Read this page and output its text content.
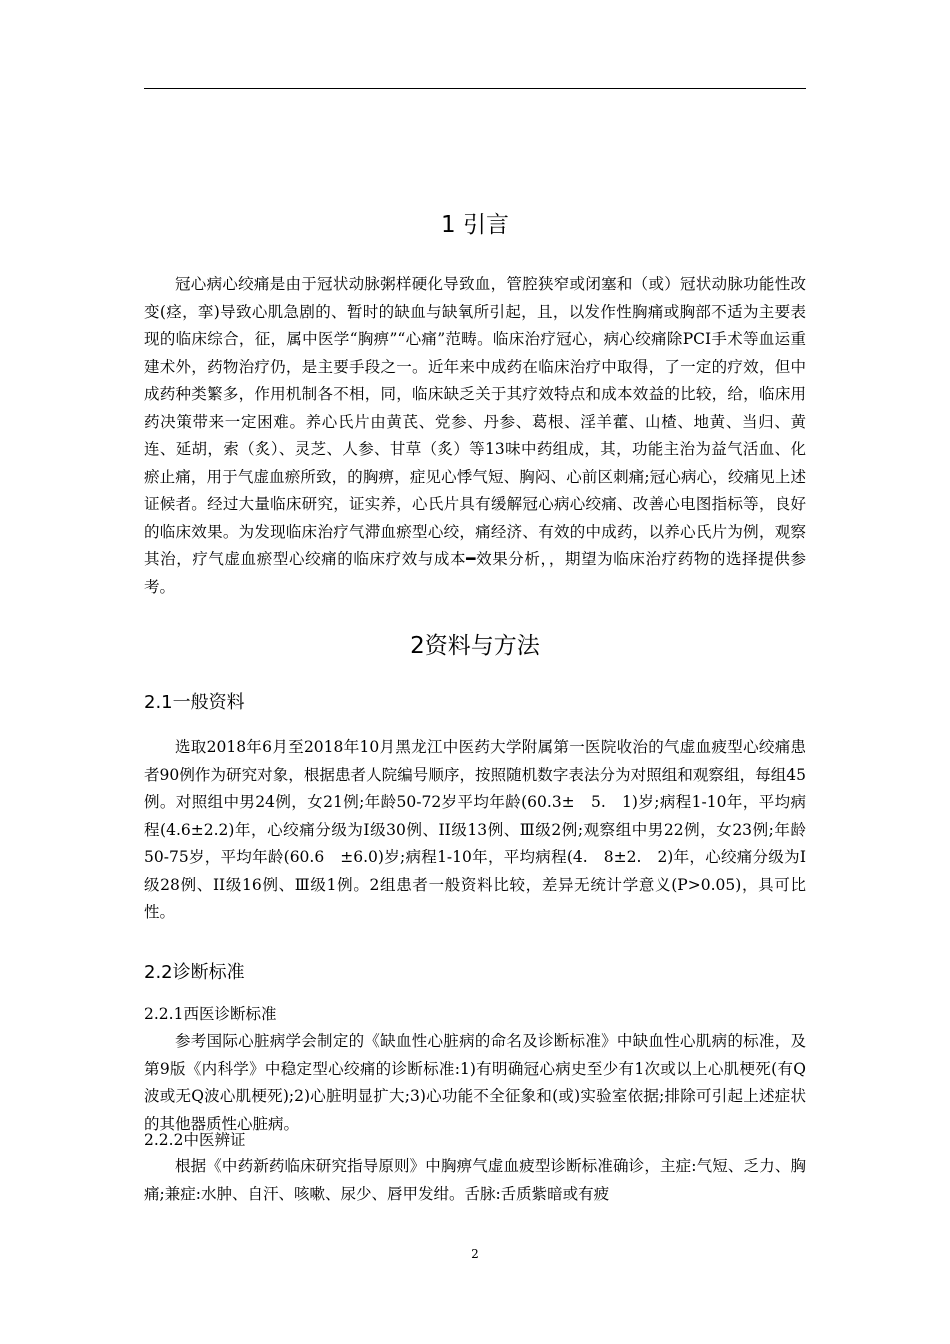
1 引言

冠心病心绞痛是由于冠状动脉粥样硬化导致血，管腔狭窄或闭塞和（或）冠状动脉功能性改变(痉，挛)导致心肌急剧的、暂时的缺血与缺氧所引起，且，以发作性胸痛或胸部不适为主要表现的临床综合，征，属中医学“胸痹”“心痛”范畴。临床治疗冠心，病心绞痛除PCI手术等血运重建术外，药物治疗仍，是主要手段之一。近年来中成药在临床治疗中取得，了一定的疗效，但中成药种类繁多，作用机制各不相，同，临床缺乏关于其疗效特点和成本效益的比较，给，临床用药决策带来一定困难。养心氏片由黄芪、党参、丹参、葛根、淫羊藿、山楂、地黄、当归、黄连、延胡，索（炙）、灵芝、人参、甘草（炙）等13味中药组成，其，功能主治为益气活血、化瘀止痛，用于气虚血瘀所致，的胸痹，症见心悸气短、胸闷、心前区刺痛;冠心病心，绞痛见上述证候者。经过大量临床研究，证实养，心氏片具有缓解冠心病心绞痛、改善心电图指标等，良好的临床效果。为发现临床治疗气滞血瘀型心绞，痛经济、有效的中成药，以养心氏片为例，观察其治，疗气虚血瘀型心绞痛的临床疗效与成本━效果分析，，期望为临床治疗药物的选择提供参考。

2资料与方法
2.1一般资料

选取2018年6月至2018年10月黑龙江中医药大学附属第一医院收治的气虚血疲型心绞痛患者90例作为研究对象，根据患者人院编号顺序，按照随机数字表法分为对照组和观察组，每组45例。对照组中男24例，女21例;年龄50-72岁平均年龄(60.3±　5.　1)岁;病程1-10年，平均病程(4.6±2.2)年，心绞痛分级为Ⅰ级30例、II级13例、Ⅲ级2例;观察组中男22例，女23例;年龄50-75岁，平均年龄(60.6　±6.0)岁;病程1-10年，平均病程(4.　8±2.　2)年，心绞痛分级为Ⅰ级28例、II级16例、Ⅲ级1例。2组患者一般资料比较，差异无统计学意义(P>0.05)，具可比性。

2.2诊断标准

2.2.1西医诊断标准

参考国际心脏病学会制定的《缺血性心脏病的命名及诊断标准》中缺血性心肌病的标准，及第9版《内科学》中稳定型心绞痛的诊断标准:1)有明确冠心病史至少有1次或以上心肌梗死(有Q波或无Q波心肌梗死);2)心脏明显扩大;3)心功能不全征象和(或)实验室依据;排除可引起上述症状的其他器质性心脏病。

2.2.2中医辨证

根据《中药新药临床研究指导原则》中胸痹气虚血疲型诊断标准确诊，主症:气短、乏力、胸痛;兼症:水肿、自汗、咳嗽、尿少、唇甲发绀。舌脉:舌质紫暗或有疲

2
